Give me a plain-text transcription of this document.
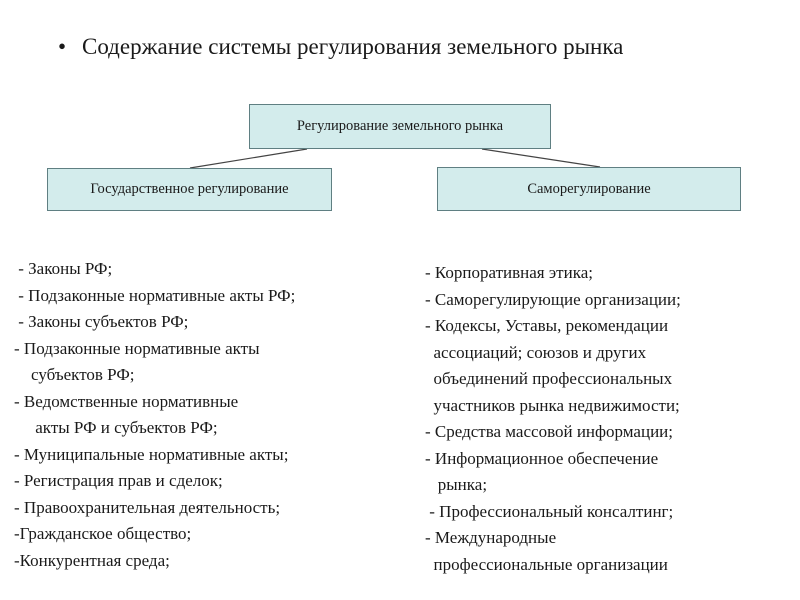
• Содержание системы регулирования земельного рынка
Регулирование земельного рынка
Государственное регулирование	Саморегулирование
- Законы РФ;
- Подзаконные нормативные акты РФ;
- Законы субъектов РФ;
- Подзаконные нормативные акты
субъектов РФ;
- Ведомственные нормативные
акты РФ и субъектов РФ;
- Муниципальные нормативные акты;
- Регистрация прав и сделок;
- Правоохранительная деятельность;
-Гражданское общество;
-Конкурентная среда;
- Корпоративная этика;
- Саморегулирующие организации;
- Кодексы, Уставы, рекомендации
ассоциаций; союзов и других
объединений профессиональных
участников рынка недвижимости;
- Средства массовой информации;
- Информационное обеспечение
рынка;
- Профессиональный консалтинг;
- Международные
профессиональные организации
